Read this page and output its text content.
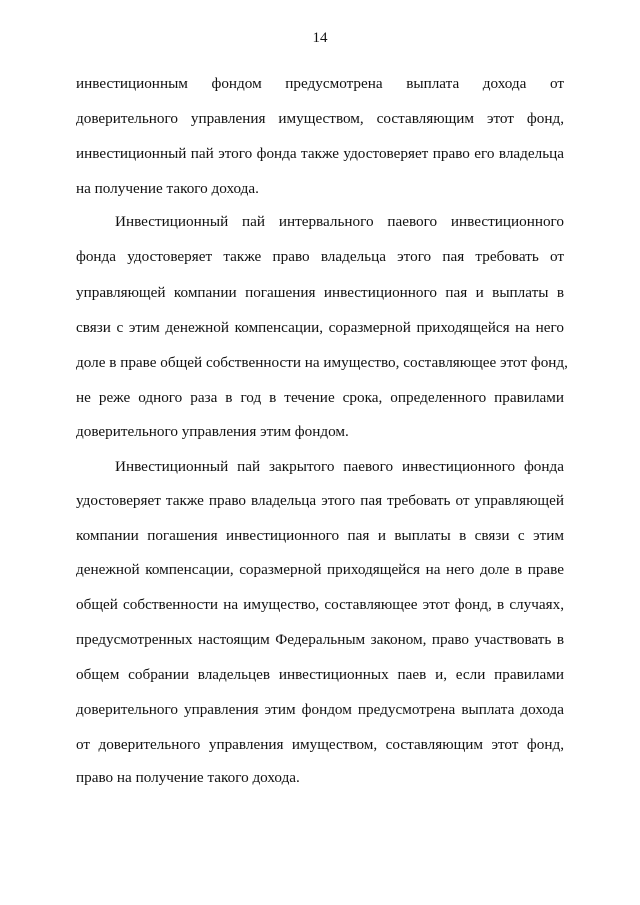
14
инвестиционным фондом предусмотрена выплата дохода от
доверительного управления имуществом, составляющим этот фонд,
инвестиционный пай этого фонда также удостоверяет право его владельца
на получение такого дохода.
Инвестиционный пай интервального паевого инвестиционного
фонда удостоверяет также право владельца этого пая требовать от
управляющей компании погашения инвестиционного пая и выплаты в
связи с этим денежной компенсации, соразмерной приходящейся на него
доле в праве общей собственности на имущество, составляющее этот фонд,
не реже одного раза в год в течение срока, определенного правилами
доверительного управления этим фондом.
Инвестиционный пай закрытого паевого инвестиционного фонда
удостоверяет также право владельца этого пая требовать от управляющей
компании погашения инвестиционного пая и выплаты в связи с этим
денежной компенсации, соразмерной приходящейся на него доле в праве
общей собственности на имущество, составляющее этот фонд, в случаях,
предусмотренных настоящим Федеральным законом, право участвовать в
общем собрании владельцев инвестиционных паев и, если правилами
доверительного управления этим фондом предусмотрена выплата дохода
от доверительного управления имуществом, составляющим этот фонд,
право на получение такого дохода.
